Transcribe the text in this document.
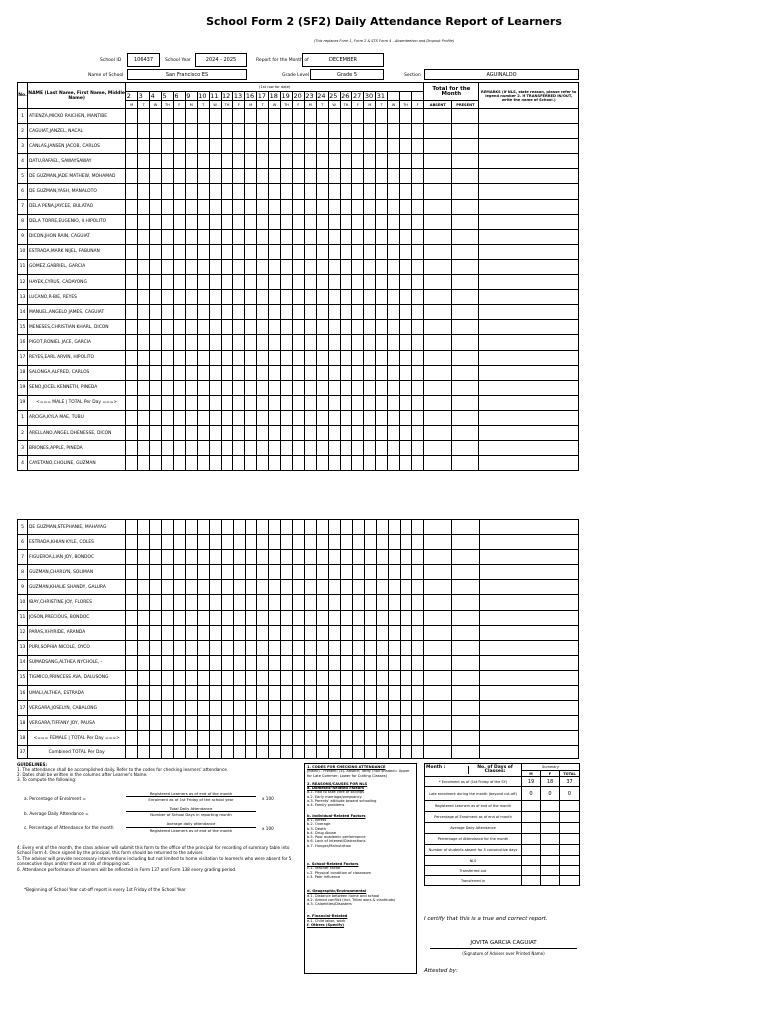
School Form 2 (SF2) Daily Attendance Report of Learners
(This replaces Form 1, Form 2 & STS Form 4 - Absenteeism and Dropout Profile)
School ID	106437	School Year	2024 - 2025	Report for the Month of	DECEMBER
Name of School	San Francisco ES	Grade Level	Grade 5	Section	AGUINALDO
No.	NAME (Last Name, First Name, Middle Name)	(1st row for date)																									Total for the Month		REMARKS (If NLS, state reason, please refer to legend number 2. If TRANSFERRED IN/OUT, write the name of School.)
		2	3	4	5	6	9	10	11	12	13	16	17	18	19	20	23	24	25	26	27	30	31						
		M	T	W	TH	F	M	T	W	TH	F	M	T	W	TH	F	M	T	W	TH	F	M	T	W	TH	F	ABSENT	PRESENT	
1	ATIENZA,MICKO RAICHEN, MANTIBE																												
2	CAGUIAT,JANZEL, NACAL																												
3	CANLAS,JANSEN JACOB, CARLOS																												
4	DATU,RAFAEL, SAWAYSAWAY																												
5	DE GUZMAN,JADE MATHEW, MOHAMAD																												
6	DE GUZMAN,YASH, MANALOTO																												
7	DELA PEÑA,JAYCEE, BULATAO																												
8	DELA TORRE,EUGENIO, II HIPOLITO																												
9	DICON,JHON RAIN, CAGUIAT																												
10	ESTRADA,MARK NIJEL, FABUNAN																												
11	GOMEZ,GABRIEL, GARCIA																												
12	HAYEK,CYRUS, CADAYONG																												
13	LUCANO,R-BIE, REYES																												
14	MANUEL,ANGELO JAMES, CAGUIAT																												
15	MENESES,CHRISTIAN KHARL, DICON																												
16	PIGOT,RONIEL JACE, GARCIA																												
17	REYES,EARL ARVIN, HIPOLITO																												
18	SALONGA,ALFRED, CARLOS																												
19	SENO,JOCEL KENNETH, PINEDA																												
19	<=== MALE | TOTAL Per Day ===>																												
1	ARCIGA,KYLA MAE, TUBU																												
2	ARELLANO,ANGEL DHENESSE, DICON																												
3	BRIONES,APPLE, PINEDA																												
4	CAYETANO,CHOLINE, GUZMAN																												
5	DE GUZMAN,STEPHANIE, MAHAYAG																												
6	ESTRADA,KHIAN KYLE, COLES																												
7	FIGUEROA,LIAN JOY, BONDOC																												
8	GUZMAN,CHARLYN, SOLIMAN																												
9	GUZMAN,KHALIE SHANDY, GALURA																												
10	IBAY,CHRISTINE JOY, FLORES																												
11	JOSON,PRECIOUS, BONDOC																												
12	PARAS,XHYRIDE, ARANDA																												
13	PURI,SOPHIA NICOLE, OYCO																												
14	SUMADSANG,ALTHEA NYCHOLE, -																												
15	TIGMICO,PRINCESS AVA, DALUSONG																												
16	UMALI,ALTHEA, ESTRADA																												
17	VERGARA,JOSELYN, CABALONG																												
18	VERGARA,TIFFANY JOY, PAUSA																												
18	<=== FEMALE | TOTAL Per Day ===>																												
37	Combined TOTAL Per Day																												
GUIDELINES:
1. The attendance shall be accomplished daily. Refer to the codes for checking learners' attendance.
2. Dates shall be written in the columns after Learner's Name.
3. To compute the following:
a. Percentage of Enrolment =
Registered Learners as of end of the month
Enrolment as of 1st Friday of the school year	x 100
b. Average Daily Attendance =
Total Daily Attendance
Number of School Days in reporting month
c. Percentage of Attendance for the month
Average daily attendance
Registered Learners as of end of the month	x 100
4. Every end of the month, the class adviser will submit this form to the office of the principal for recording of summary table into School Form 4. Once signed by the principal, this form should be returned to the adviser.
5. The adviser will provide neccessary interventions including but not limited to home visitation to learner/s who were absent for 5 consecutive days and/or those at risk of dropping out.
6. Attendance performance of learners will be reflected in Form 137 and Form 138 every grading period.
*Beginning of School Year cut-off report is every 1st Friday of the School Year

1. CODES FOR CHECKING ATTENDANCE

(blank) - Present; (x)- Absent; Tardy (half shaded= Upper for Late Commer, Lower for Cutting Classes)

2. REASONS/CAUSES FOR NLS

a. Domestic-Related Factors

a.1. Had to take care of siblings
a.2. Early marriage/pregnancy
a.3. Parents' attitude toward schooling
a.4. Family problems

b. Individual-Related Factors

b.1. Illness
b.2. Overage
b.3. Death
b.4. Drug Abuse
b.5. Poor academic performance
b.6. Lack of interest/Distractions
b.7. Hunger/Malnutrition

c. School-Related Factors

c.1. Teacher Factor
c.2. Physical condition of classroom
c.3. Peer influence

d. Geographic/Environmental

d.1. Distance between home and school
d.2. Armed conflict (incl. Tribal wars & clanfeuds)
d.3. Calamities/Disasters

e. Financial-Related

e.1. Child labor, work

f. Others (Specify)

Month : No. of Days of Classes:	Summary		
	M	F	TOTAL
* Enrolment as of (1st Friday of the SY)	19	18	37
Late enrolment during the month (beyond cut-off)	0	0	0
Registered Learners as of end of the month			
Percentage of Enrolment as of end of month			
Average Daily Attendance			
Percentage of Attendance for the month			
Number of students absent for 5 consecutive days			
NLS			
Transferred out			
Transferred in			
I certify that this is a true and correct report.
JOVITA GARCIA CAGUIAT
(Signature of Adviser over Printed Name)
Attested by:
